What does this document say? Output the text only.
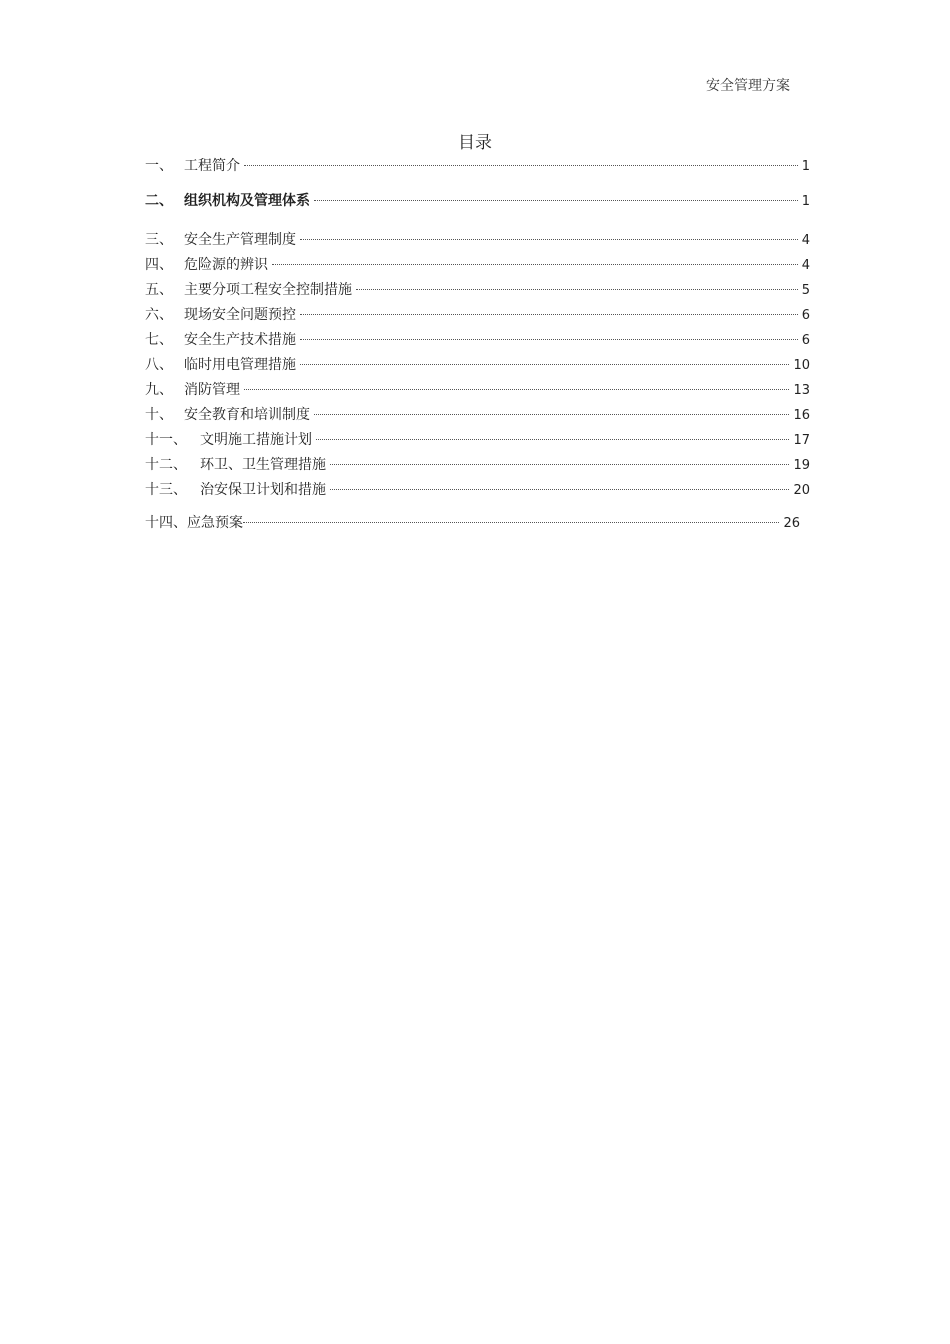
安全管理方案
目录
一、 工程简介	1
二、 组织机构及管理体系	1
三、 安全生产管理制度	4
四、 危险源的辨识	4
五、 主要分项工程安全控制措施	5
六、 现场安全问题预控	6
七、 安全生产技术措施	6
八、 临时用电管理措施	10
九、 消防管理	13
十、 安全教育和培训制度	16
十一、 文明施工措施计划	17
十二、 环卫、卫生管理措施	19
十三、 治安保卫计划和措施	20
十四、应急预案	26
